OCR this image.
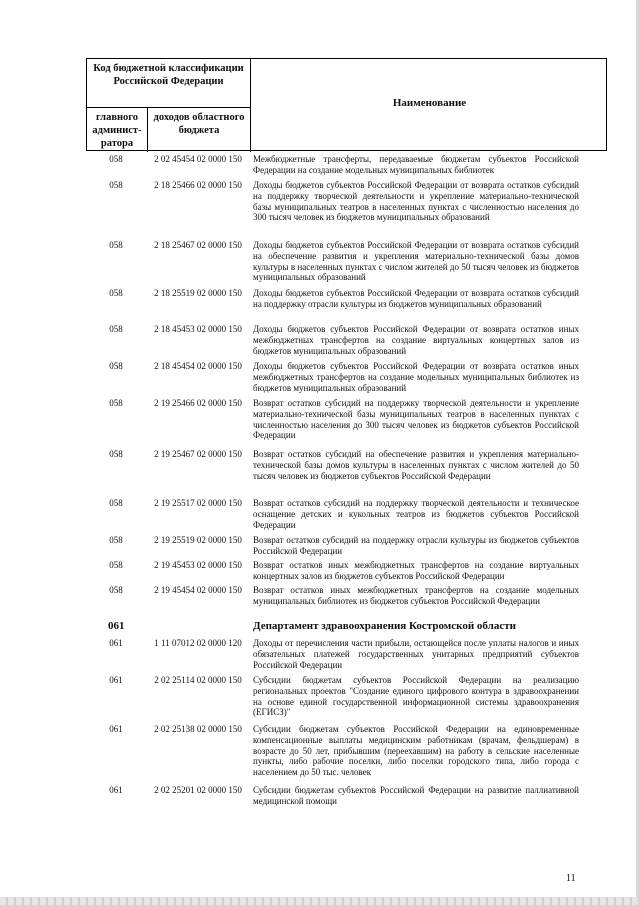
Код бюджетной классификации Российской Федерации
главного админист-ратора
доходов областного бюджета
Наименование
058	2 02 45454 02 0000 150	Межбюджетные трансферты, передаваемые бюджетам субъектов Российской Федерации на создание модельных муниципальных библиотек
058	2 18 25466 02 0000 150	Доходы бюджетов субъектов Российской Федерации от возврата остатков субсидий на поддержку творческой деятельности и укрепление материально-технической базы муниципальных театров в населенных пунктах с численностью населения до 300 тысяч человек из бюджетов муниципальных образований
058	2 18 25467 02 0000 150	Доходы бюджетов субъектов Российской Федерации от возврата остатков субсидий на обеспечение развития и укрепления материально-технической базы домов культуры в населенных пунктах с числом жителей до 50 тысяч человек из бюджетов муниципальных образований
058	2 18 25519 02 0000 150	Доходы бюджетов субъектов Российской Федерации от возврата остатков субсидий на поддержку отрасли культуры из бюджетов муниципальных образований
058	2 18 45453 02 0000 150	Доходы бюджетов субъектов Российской Федерации от возврата остатков иных межбюджетных трансфертов на создание виртуальных концертных залов из бюджетов муниципальных образований
058	2 18 45454 02 0000 150	Доходы бюджетов субъектов Российской Федерации от возврата остатков иных межбюджетных трансфертов на создание модельных муниципальных библиотек из бюджетов муниципальных образований
058	2 19 25466 02 0000 150	Возврат остатков субсидий на поддержку творческой деятельности и укрепление материально-технической базы муниципальных театров в населенных пунктах с численностью населения до 300 тысяч человек из бюджетов субъектов Российской Федерации
058	2 19 25467 02 0000 150	Возврат остатков субсидий на обеспечение развития и укрепления материально-технической базы домов культуры в населенных пунктах с числом жителей до 50 тысяч человек из бюджетов субъектов Российской Федерации
058	2 19 25517 02 0000 150	Возврат остатков субсидий на поддержку творческой деятельности и техническое оснащение детских и кукольных театров из бюджетов субъектов Российской Федерации
058	2 19 25519 02 0000 150	Возврат остатков субсидий на поддержку отрасли культуры из бюджетов субъектов Российской Федерации
058	2 19 45453 02 0000 150	Возврат остатков иных межбюджетных трансфертов на создание виртуальных концертных залов из бюджетов субъектов Российской Федерации
058	2 19 45454 02 0000 150	Возврат остатков иных межбюджетных трансфертов на создание модельных муниципальных библиотек из бюджетов субъектов Российской Федерации
061	Департамент здравоохранения Костромской области
061	1 11 07012 02 0000 120	Доходы от перечисления части прибыли, остающейся после уплаты налогов и иных обязательных платежей государственных унитарных предприятий субъектов Российской Федерации
061	2 02 25114 02 0000 150	Субсидии бюджетам субъектов Российской Федерации на реализацию региональных проектов "Создание единого цифрового контура в здравоохранении на основе единой государственной информационной системы здравоохранения (ЕГИСЗ)"
061	2 02 25138 02 0000 150	Субсидии бюджетам субъектов Российской Федерации на единовременные компенсационные выплаты медицинским работникам (врачам, фельдшерам) в возрасте до 50 лет, прибывшим (переехавшим) на работу в сельские населенные пункты, либо рабочие поселки, либо поселки городского типа, либо города с населением до 50 тыс. человек
061	2 02 25201 02 0000 150	Субсидии бюджетам субъектов Российской Федерации на развитие паллиативной медицинской помощи
11
